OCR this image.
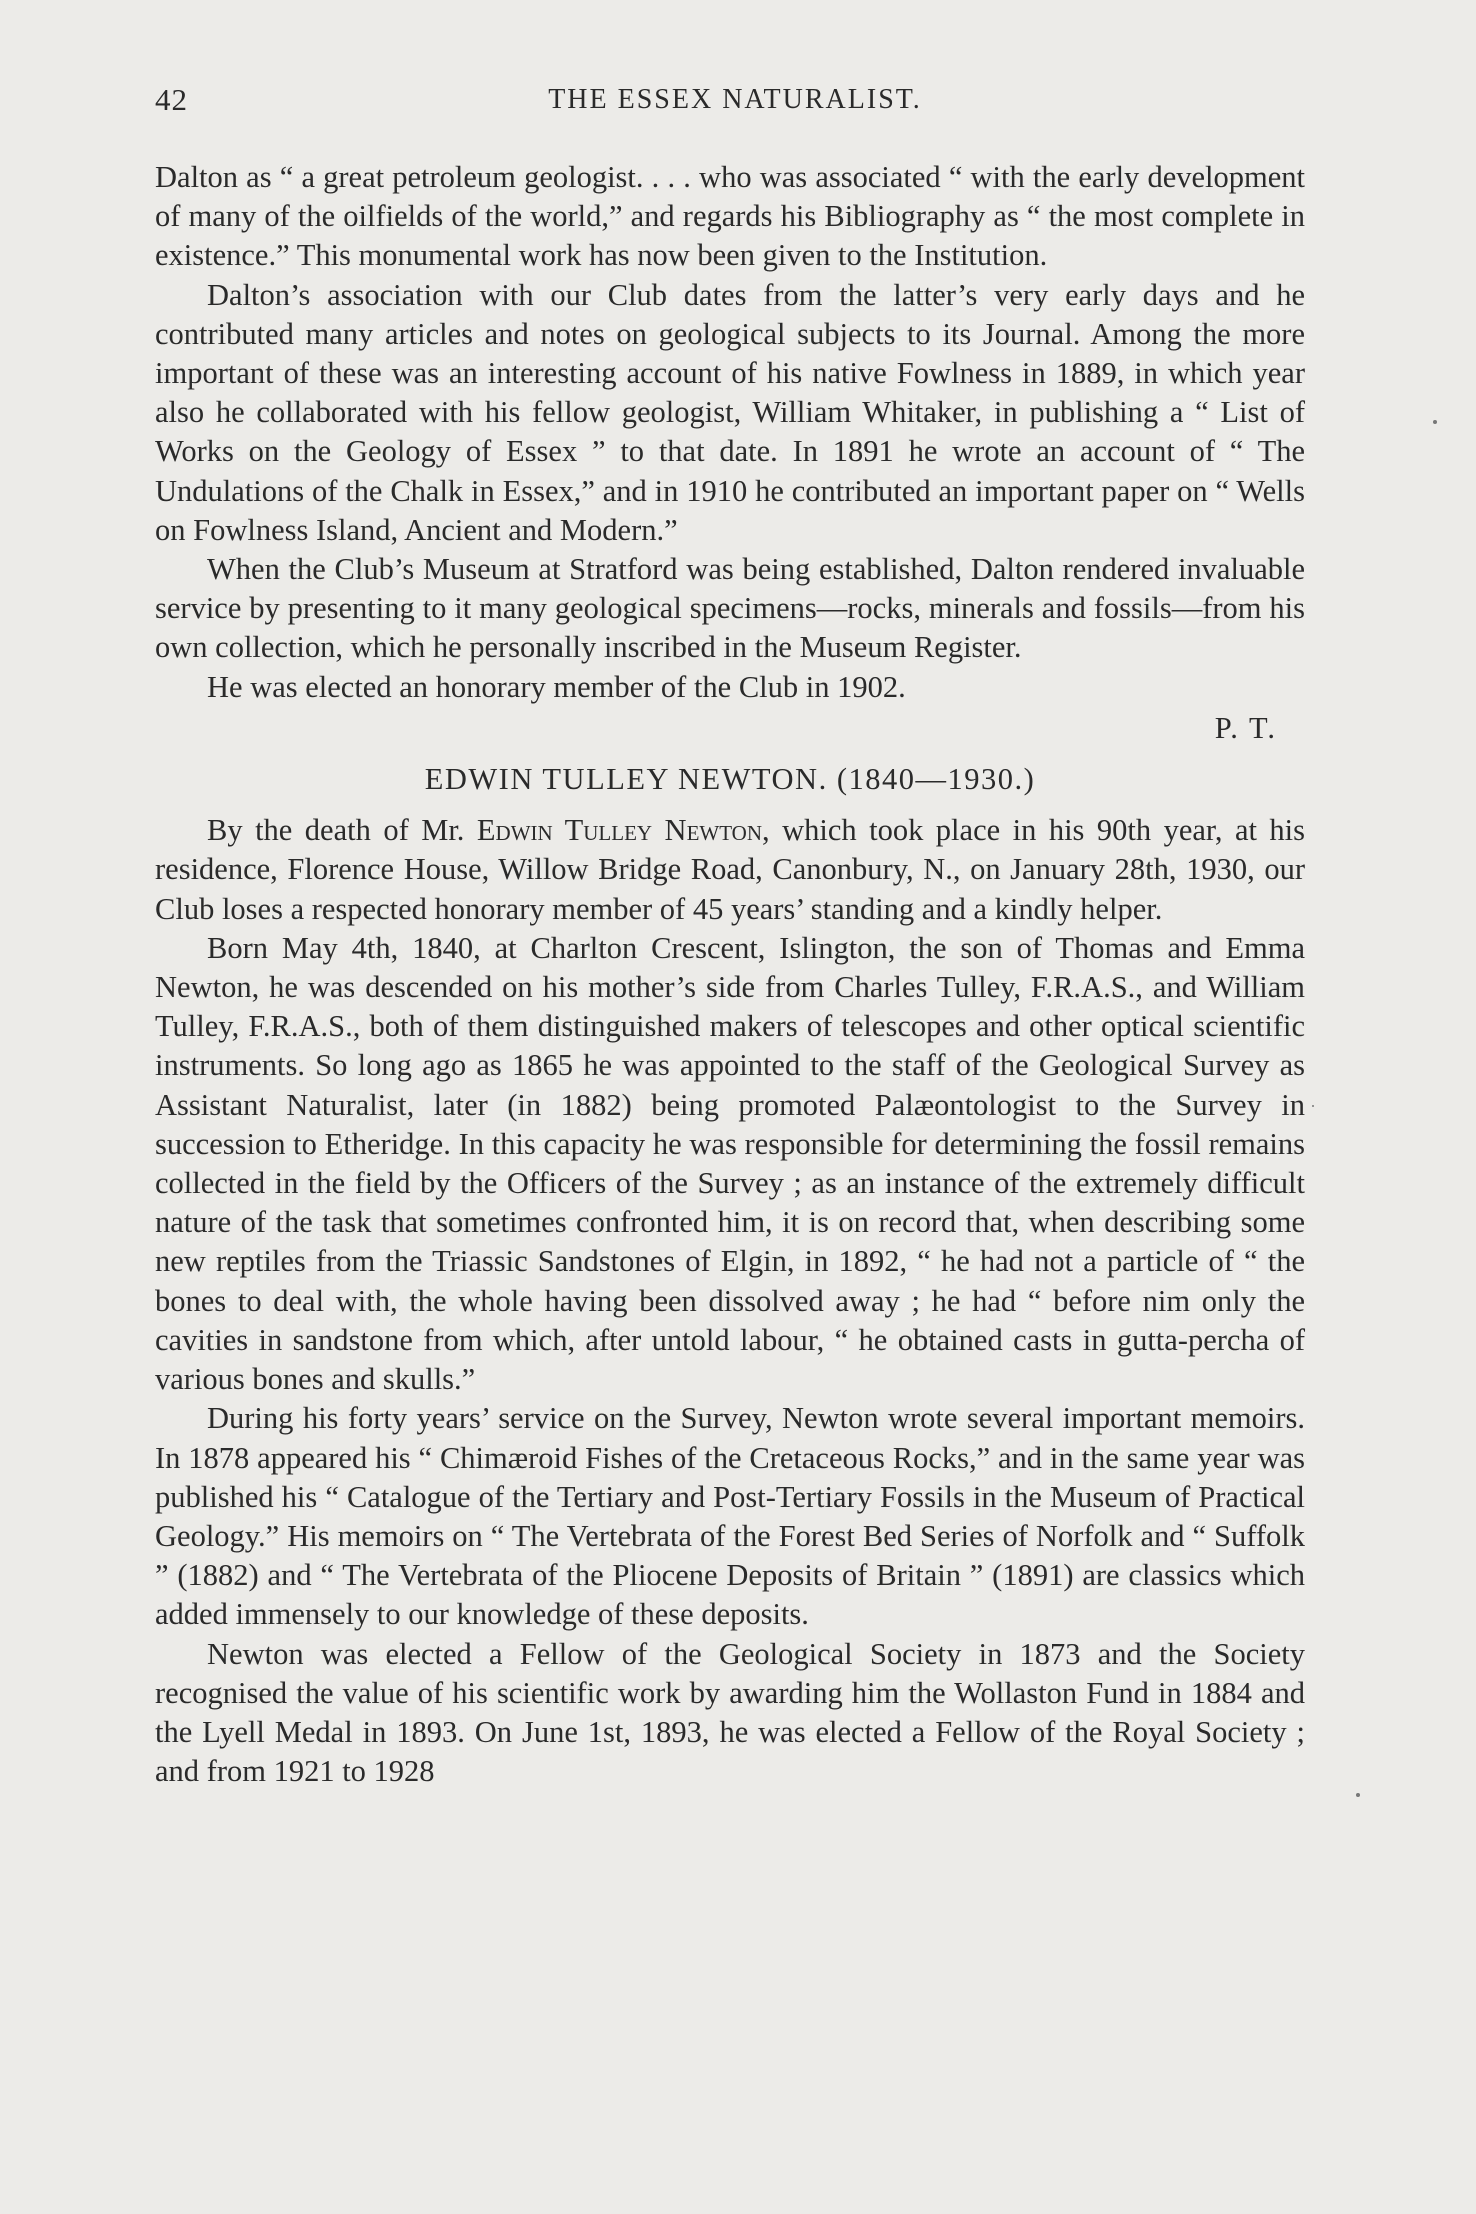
42	THE ESSEX NATURALIST.

Dalton as “ a great petroleum geologist. . . . who was associated “ with the early development of many of the oilfields of the world,” and regards his Bibliography as “ the most complete in existence.” This monumental work has now been given to the Institution.

Dalton’s association with our Club dates from the latter’s very early days and he contributed many articles and notes on geological subjects to its Journal. Among the more important of these was an interesting account of his native Fowlness in 1889, in which year also he collaborated with his fellow geologist, William Whitaker, in publishing a “ List of Works on the Geology of Essex ” to that date. In 1891 he wrote an account of “ The Undulations of the Chalk in Essex,” and in 1910 he contributed an important paper on “ Wells on Fowlness Island, Ancient and Modern.”

When the Club’s Museum at Stratford was being established, Dalton rendered invaluable service by presenting to it many geological specimens—rocks, minerals and fossils—from his own collection, which he personally inscribed in the Museum Register.

He was elected an honorary member of the Club in 1902.

P. T.
EDWIN TULLEY NEWTON. (1840—1930.)

By the death of Mr. Edwin Tulley Newton, which took place in his 90th year, at his residence, Florence House, Willow Bridge Road, Canonbury, N., on January 28th, 1930, our Club loses a respected honorary member of 45 years’ standing and a kindly helper.

Born May 4th, 1840, at Charlton Crescent, Islington, the son of Thomas and Emma Newton, he was descended on his mother’s side from Charles Tulley, F.R.A.S., and William Tulley, F.R.A.S., both of them distinguished makers of telescopes and other optical scientific instruments. So long ago as 1865 he was appointed to the staff of the Geological Survey as Assistant Naturalist, later (in 1882) being promoted Palæontologist to the Survey in succession to Etheridge. In this capacity he was responsible for determining the fossil remains collected in the field by the Officers of the Survey ; as an instance of the extremely difficult nature of the task that sometimes confronted him, it is on record that, when describing some new reptiles from the Triassic Sandstones of Elgin, in 1892, “ he had not a particle of “ the bones to deal with, the whole having been dissolved away ; he had “ before nim only the cavities in sandstone from which, after untold labour, “ he obtained casts in gutta-percha of various bones and skulls.”

During his forty years’ service on the Survey, Newton wrote several important memoirs. In 1878 appeared his “ Chimæroid Fishes of the Cretaceous Rocks,” and in the same year was published his “ Catalogue of the Tertiary and Post-Tertiary Fossils in the Museum of Practical Geology.” His memoirs on “ The Vertebrata of the Forest Bed Series of Norfolk and “ Suffolk ” (1882) and “ The Vertebrata of the Pliocene Deposits of Britain ” (1891) are classics which added immensely to our knowledge of these deposits.

Newton was elected a Fellow of the Geological Society in 1873 and the Society recognised the value of his scientific work by awarding him the Wollaston Fund in 1884 and the Lyell Medal in 1893. On June 1st, 1893, he was elected a Fellow of the Royal Society ; and from 1921 to 1928
